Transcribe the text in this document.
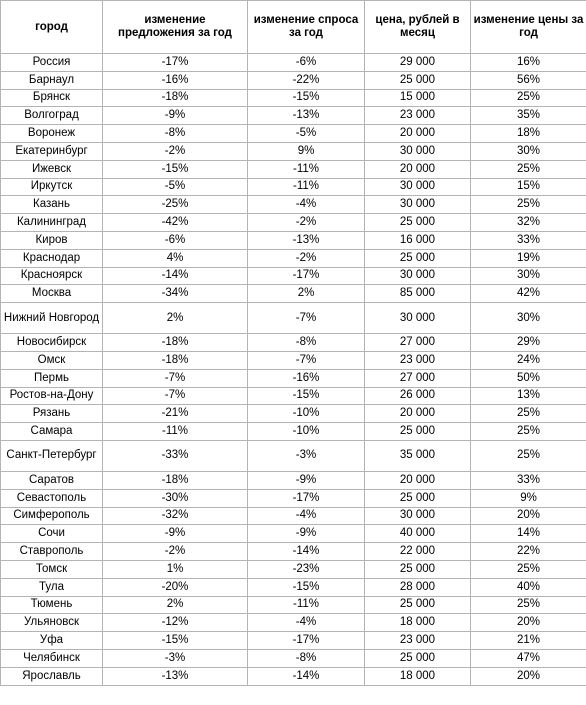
город	изменение предложения за год	изменение спроса за год	цена, рублей в месяц	изменение цены за год
Россия	-17%	-6%	29 000	16%
Барнаул	-16%	-22%	25 000	56%
Брянск	-18%	-15%	15 000	25%
Волгоград	-9%	-13%	23 000	35%
Воронеж	-8%	-5%	20 000	18%
Екатеринбург	-2%	9%	30 000	30%
Ижевск	-15%	-11%	20 000	25%
Иркутск	-5%	-11%	30 000	15%
Казань	-25%	-4%	30 000	25%
Калининград	-42%	-2%	25 000	32%
Киров	-6%	-13%	16 000	33%
Краснодар	4%	-2%	25 000	19%
Красноярск	-14%	-17%	30 000	30%
Москва	-34%	2%	85 000	42%
Нижний Новгород	2%	-7%	30 000	30%
Новосибирск	-18%	-8%	27 000	29%
Омск	-18%	-7%	23 000	24%
Пермь	-7%	-16%	27 000	50%
Ростов-на-Дону	-7%	-15%	26 000	13%
Рязань	-21%	-10%	20 000	25%
Самара	-11%	-10%	25 000	25%
Санкт-Петербург	-33%	-3%	35 000	25%
Саратов	-18%	-9%	20 000	33%
Севастополь	-30%	-17%	25 000	9%
Симферополь	-32%	-4%	30 000	20%
Сочи	-9%	-9%	40 000	14%
Ставрополь	-2%	-14%	22 000	22%
Томск	1%	-23%	25 000	25%
Тула	-20%	-15%	28 000	40%
Тюмень	2%	-11%	25 000	25%
Ульяновск	-12%	-4%	18 000	20%
Уфа	-15%	-17%	23 000	21%
Челябинск	-3%	-8%	25 000	47%
Ярославль	-13%	-14%	18 000	20%
